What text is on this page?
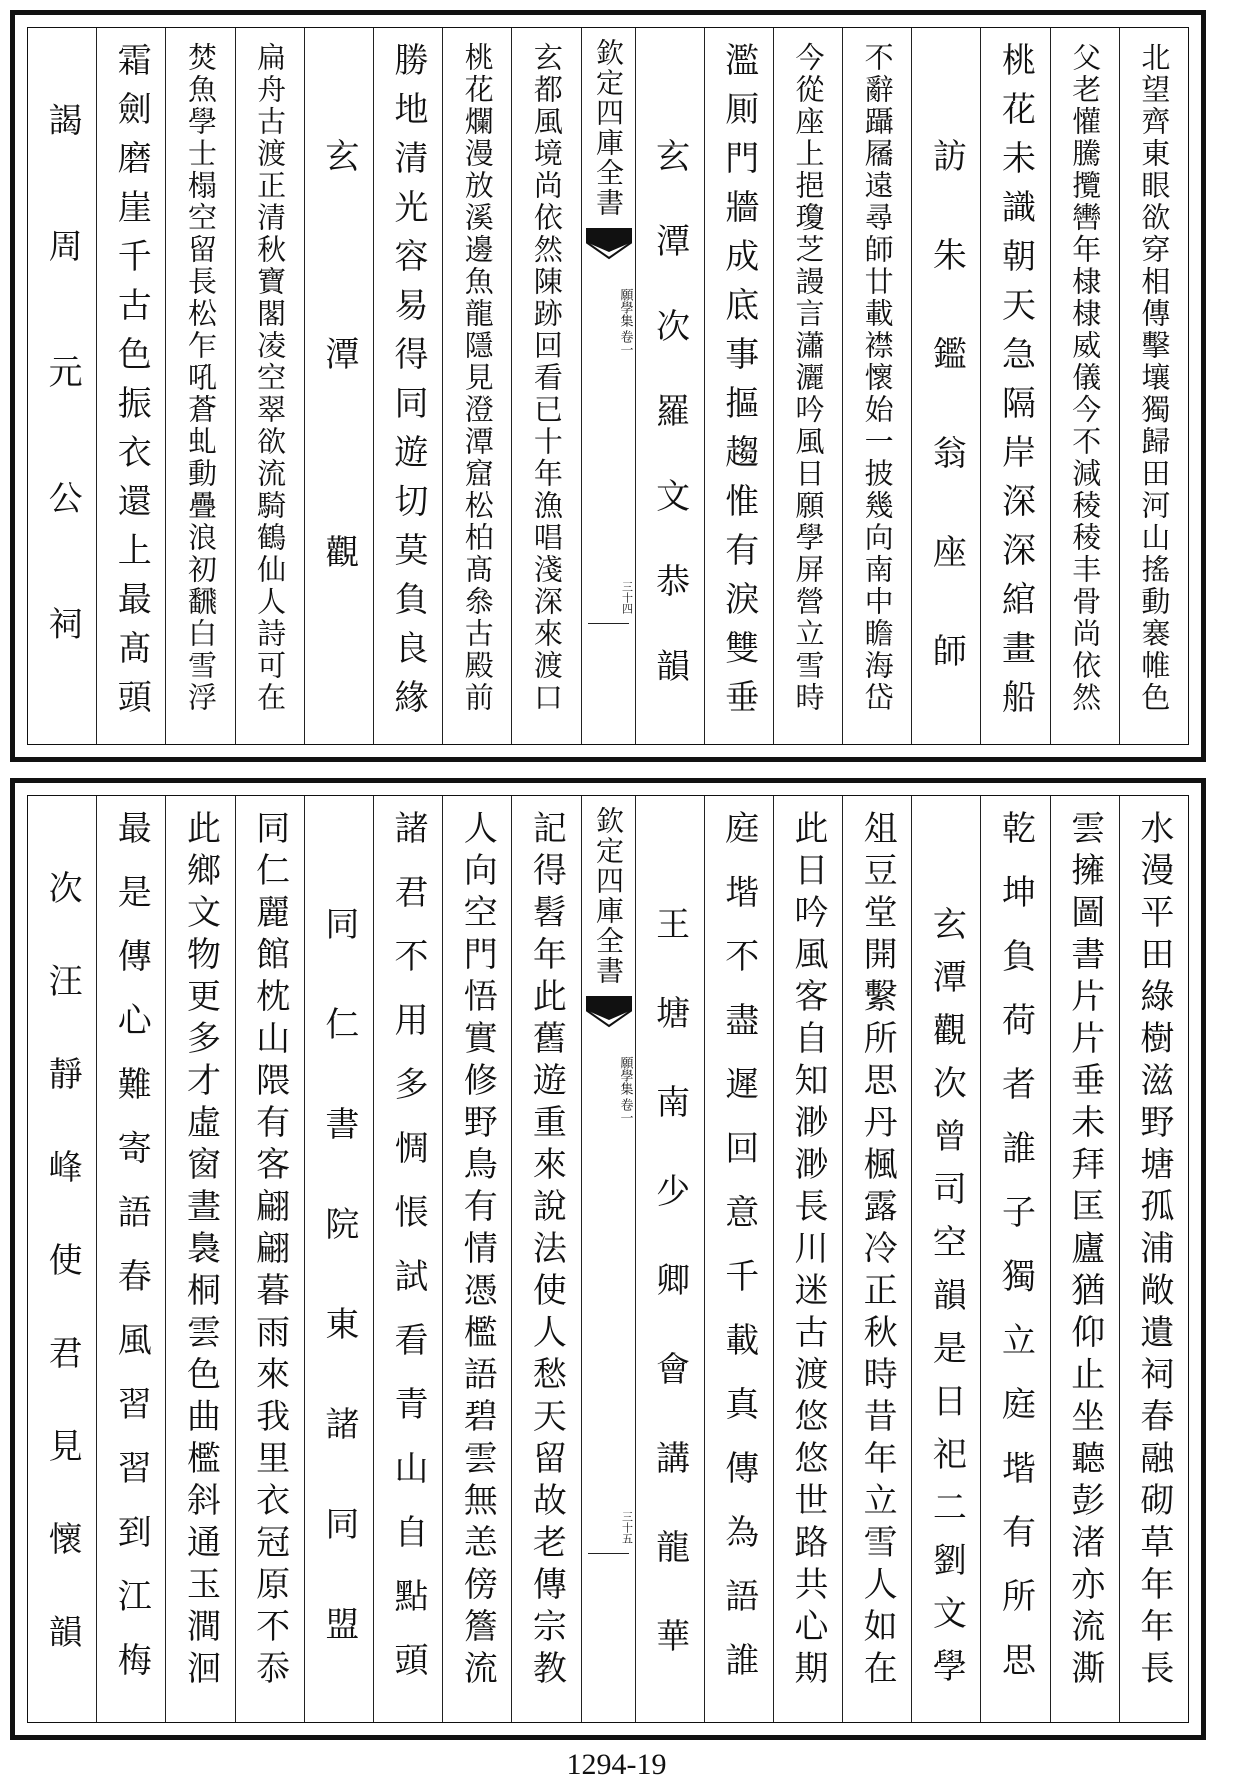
北望齊東眼欲穿相傳擊壤獨歸田河山搖動褰帷色
父老懽騰攬轡年棣棣威儀今不減稜稜丰骨尚依然
桃花未識朝天急隔岸深深綰畫船
訪朱鑑翁座師
不辭躡屩遠尋師廿載襟懷始一披幾向南中瞻海岱
今從座上挹瓊芝謾言瀟灑吟風日願學屏營立雪時
濫厠門牆成底事摳趨惟有淚雙垂
玄潭次羅文恭韻
欽定四庫全書
願學集
卷一
三十四
玄都風境尚依然陳跡回看已十年漁唱淺深來渡口
桃花爛漫放溪邊魚龍隱見澄潭窟松柏髙叅古殿前
勝地清光容易得同遊切莫負良緣
玄潭觀
扁舟古渡正清秋寶閣凌空翠欲流騎鶴仙人詩可在
焚魚學士榻空留長松乍吼蒼虬動疊浪初飜白雪浮
霜劍磨崖千古色振衣還上最髙頭
謁周元公祠
水漫平田綠樹滋野塘孤浦敞遺祠春融砌草年年長
雲擁圖書片片垂未拜匡廬猶仰止坐聽彭渚亦流澌
乾坤負荷者誰子獨立庭堦有所思
玄潭觀次曾司空韻是日祀二劉文學
俎豆堂開繫所思丹楓露冷正秋時昔年立雪人如在
此日吟風客自知渺渺長川迷古渡悠悠世路共心期
庭堦不盡遲回意千載真傳為語誰
王塘南少卿會講龍華
欽定四庫全書
願學集
卷一
三十五
記得髫年此舊遊重來說法使人愁天留故老傳宗教
人向空門悟實修野鳥有情憑檻語碧雲無恙傍簷流
諸君不用多惆悵試看青山自點頭
同仁書院東諸同盟
同仁麗館枕山隈有客翩翩暮雨來我里衣冠原不忝
此鄉文物更多才虛窗晝裊桐雲色曲檻斜通玉澗洄
最是傳心難寄語春風習習到江梅
次汪靜峰使君見懷韻
1294-19
